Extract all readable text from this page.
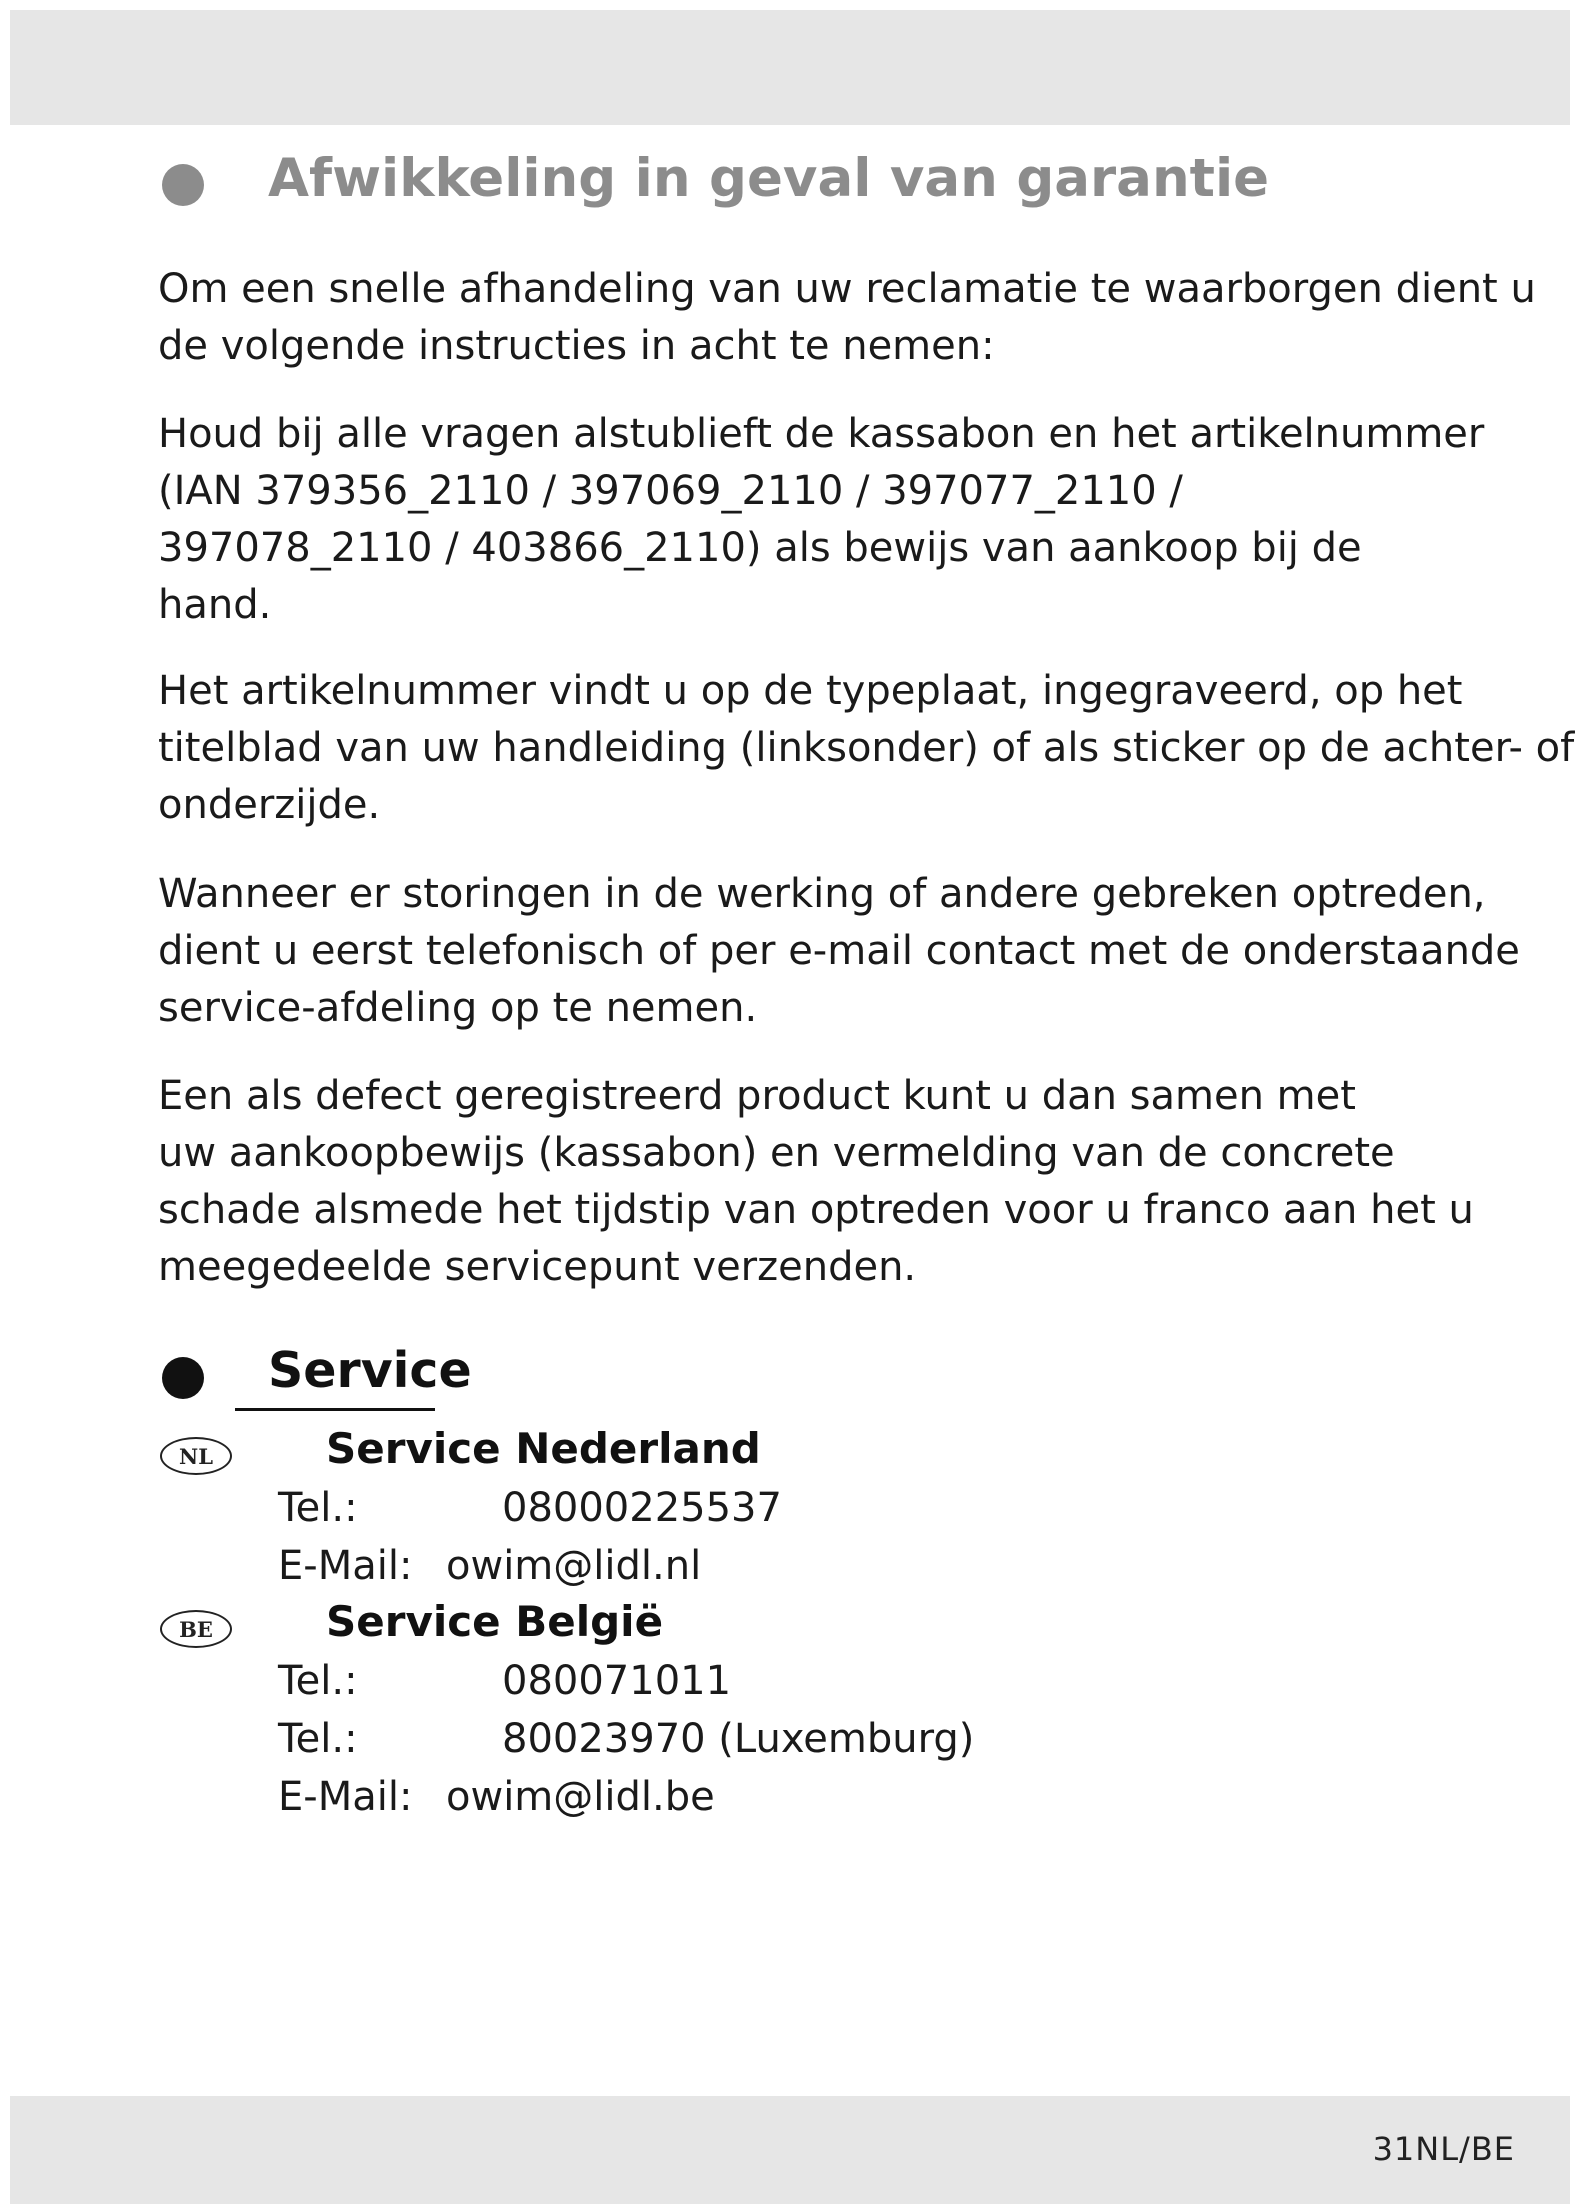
Afwikkeling in geval van garantie

Om een snelle afhandeling van uw reclamatie te waarborgen dient u
de volgende instructies in acht te nemen:

Houd bij alle vragen alstublieft de kassabon en het artikelnummer
(IAN 379356_2110 / 397069_2110 / 397077_2110 /
397078_2110 / 403866_2110) als bewijs van aankoop bij de
hand.

Het artikelnummer vindt u op de typeplaat, ingegraveerd, op het
titelblad van uw handleiding (linksonder) of als sticker op de achter- of
onderzijde.

Wanneer er storingen in de werking of andere gebreken optreden,
dient u eerst telefonisch of per e-mail contact met de onderstaande
service-afdeling op te nemen.

Een als defect geregistreerd product kunt u dan samen met
uw aankoopbewijs (kassabon) en vermelding van de concrete
schade alsmede het tijdstip van optreden voor u franco aan het u
meegedeelde servicepunt verzenden.

Service
NL	Service Nederland
Tel.:	08000225537
E-Mail: owim@lidl.nl
BE	Service België
Tel.:	080071011
Tel.:	80023970 (Luxemburg)
E-Mail: owim@lidl.be
31NL/BE
